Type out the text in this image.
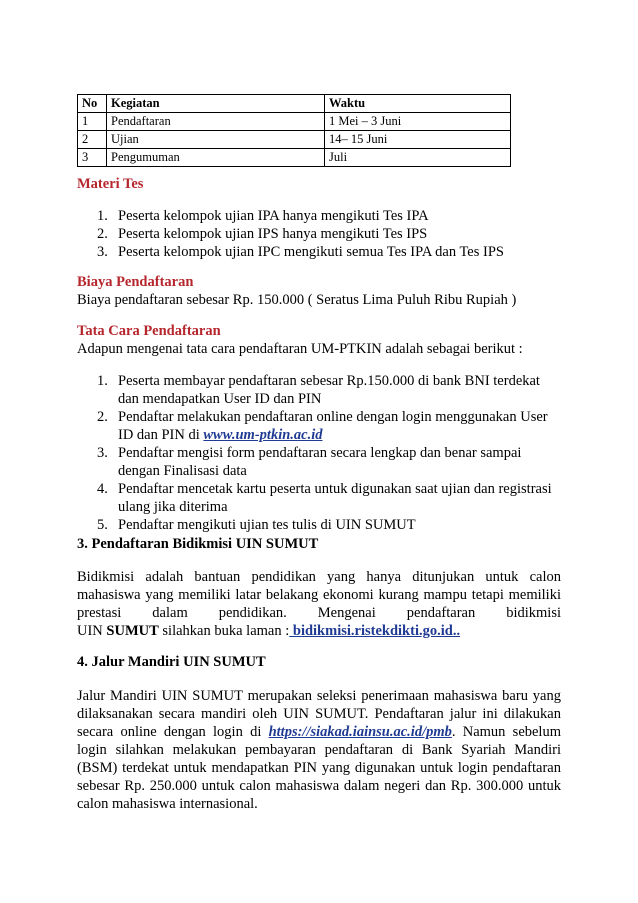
No	Kegiatan	Waktu
1	Pendaftaran	1 Mei – 3 Juni
2	Ujian	14– 15 Juni
3	Pengumuman	Juli
Materi Tes
1. Peserta kelompok ujian IPA hanya mengikuti Tes IPA
2. Peserta kelompok ujian IPS hanya mengikuti Tes IPS
3. Peserta kelompok ujian IPC mengikuti semua Tes IPA dan Tes IPS
Biaya Pendaftaran
Biaya pendaftaran sebesar Rp. 150.000 ( Seratus Lima Puluh Ribu Rupiah )
Tata Cara Pendaftaran
Adapun mengenai tata cara pendaftaran UM-PTKIN adalah sebagai berikut :
1. Peserta membayar pendaftaran sebesar Rp.150.000 di bank BNI terdekat
dan mendapatkan User ID dan PIN
2. Pendaftar melakukan pendaftaran online dengan login menggunakan User
ID dan PIN di www.um-ptkin.ac.id
3. Pendaftar mengisi form pendaftaran secara lengkap dan benar sampai
dengan Finalisasi data
4. Pendaftar mencetak kartu peserta untuk digunakan saat ujian dan registrasi
ulang jika diterima
5. Pendaftar mengikuti ujian tes tulis di UIN SUMUT
3. Pendaftaran Bidikmisi UIN SUMUT
Bidikmisi adalah bantuan pendidikan yang hanya ditunjukan untuk calon
mahasiswa yang memiliki latar belakang ekonomi kurang mampu tetapi memiliki
prestasi dalam pendidikan. Mengenai pendaftaran bidikmisi
UIN SUMUT silahkan buka laman : bidikmisi.ristekdikti.go.id..
4. Jalur Mandiri UIN SUMUT
Jalur Mandiri UIN SUMUT merupakan seleksi penerimaan mahasiswa baru yang
dilaksanakan secara mandiri oleh UIN SUMUT. Pendaftaran jalur ini dilakukan
secara online dengan login di https://siakad.iainsu.ac.id/pmb. Namun sebelum
login silahkan melakukan pembayaran pendaftaran di Bank Syariah Mandiri
(BSM) terdekat untuk mendapatkan PIN yang digunakan untuk login pendaftaran
sebesar Rp. 250.000 untuk calon mahasiswa dalam negeri dan Rp. 300.000 untuk
calon mahasiswa internasional.
